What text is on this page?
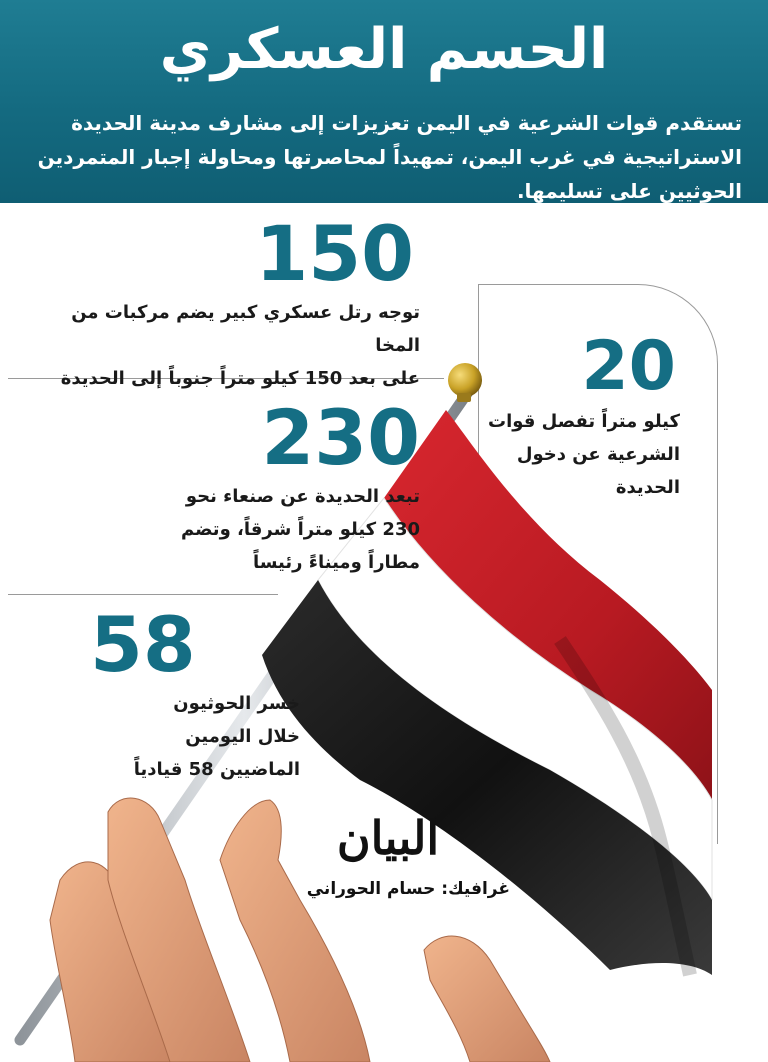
الحسم العسكري
تستقدم قوات الشرعية في اليمن تعزيزات إلى مشارف مدينة الحديدة الاستراتيجية في غرب اليمن، تمهيداً لمحاصرتها ومحاولة إجبار المتمردين الحوثيين على تسليمها.
150
توجه رتل عسكري كبير يضم مركبات من المخا
على بعد 150 كيلو متراً جنوباً إلى الحديدة	20
كيلو متراً تفصل قوات
الشرعية عن دخول
الحديدة
230
تبعد الحديدة عن صنعاء نحو
230 كيلو متراً شرقاً، وتضم
مطاراً وميناءً رئيساً
58
خسر الحوثيون
خلال اليومين
الماضيين 58 قيادياً
البيان
غرافيك: حسام الحوراني
